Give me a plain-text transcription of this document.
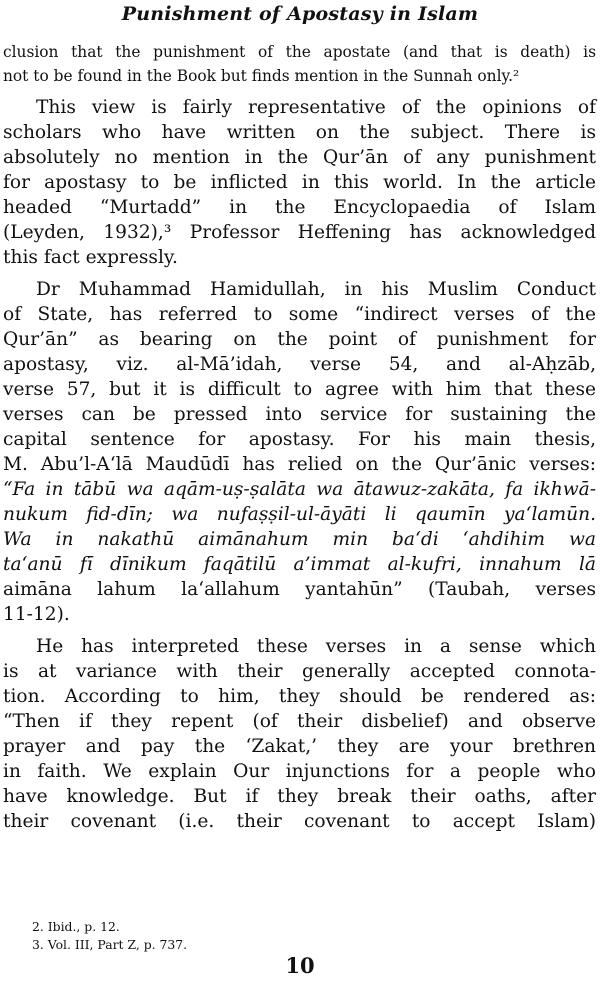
Punishment of Apostasy in Islam

clusion that the punishment of the apostate (and that is death) is
not to be found in the Book but finds mention in the Sunnah only.²

This view is fairly representative of the opinions of
scholars who have written on the subject. There is
absolutely no mention in the Qur’ān of any punishment
for apostasy to be inflicted in this world. In the article
headed “Murtadd” in the Encyclopaedia of Islam
(Leyden, 1932),³ Professor Heffening has acknowledged
this fact expressly.

Dr Muhammad Hamidullah, in his Muslim Conduct
of State, has referred to some “indirect verses of the
Qur’ān” as bearing on the point of punishment for
apostasy, viz. al-Mā’idah, verse 54, and al-Aḥzāb,
verse 57, but it is difficult to agree with him that these
verses can be pressed into service for sustaining the
capital sentence for apostasy. For his main thesis,
M. Abu’l-A‘lā Maudūdī has relied on the Qur’ānic verses:
“Fa in tābū wa aqām-uṣ-ṣalāta wa ātawuz-zakāta, fa ikhwā-
nukum fid-dīn; wa nufaṣṣil-ul-āyāti li qaumīn ya‘lamūn.
Wa in nakathū aimānahum min ba‘di ‘ahdihim wa
ta‘anū fī dīnikum faqātilū a’immat al-kufri, innahum lā
aimāna lahum la‘allahum yantahūn” (Taubah, verses
11-12).

He has interpreted these verses in a sense which
is at variance with their generally accepted connota-
tion. According to him, they should be rendered as:
“Then if they repent (of their disbelief) and observe
prayer and pay the ‘Zakat,’ they are your brethren
in faith. We explain Our injunctions for a people who
have knowledge. But if they break their oaths, after
their covenant (i.e. their covenant to accept Islam)

2. Ibid., p. 12.
3. Vol. III, Part Z, p. 737.
10
